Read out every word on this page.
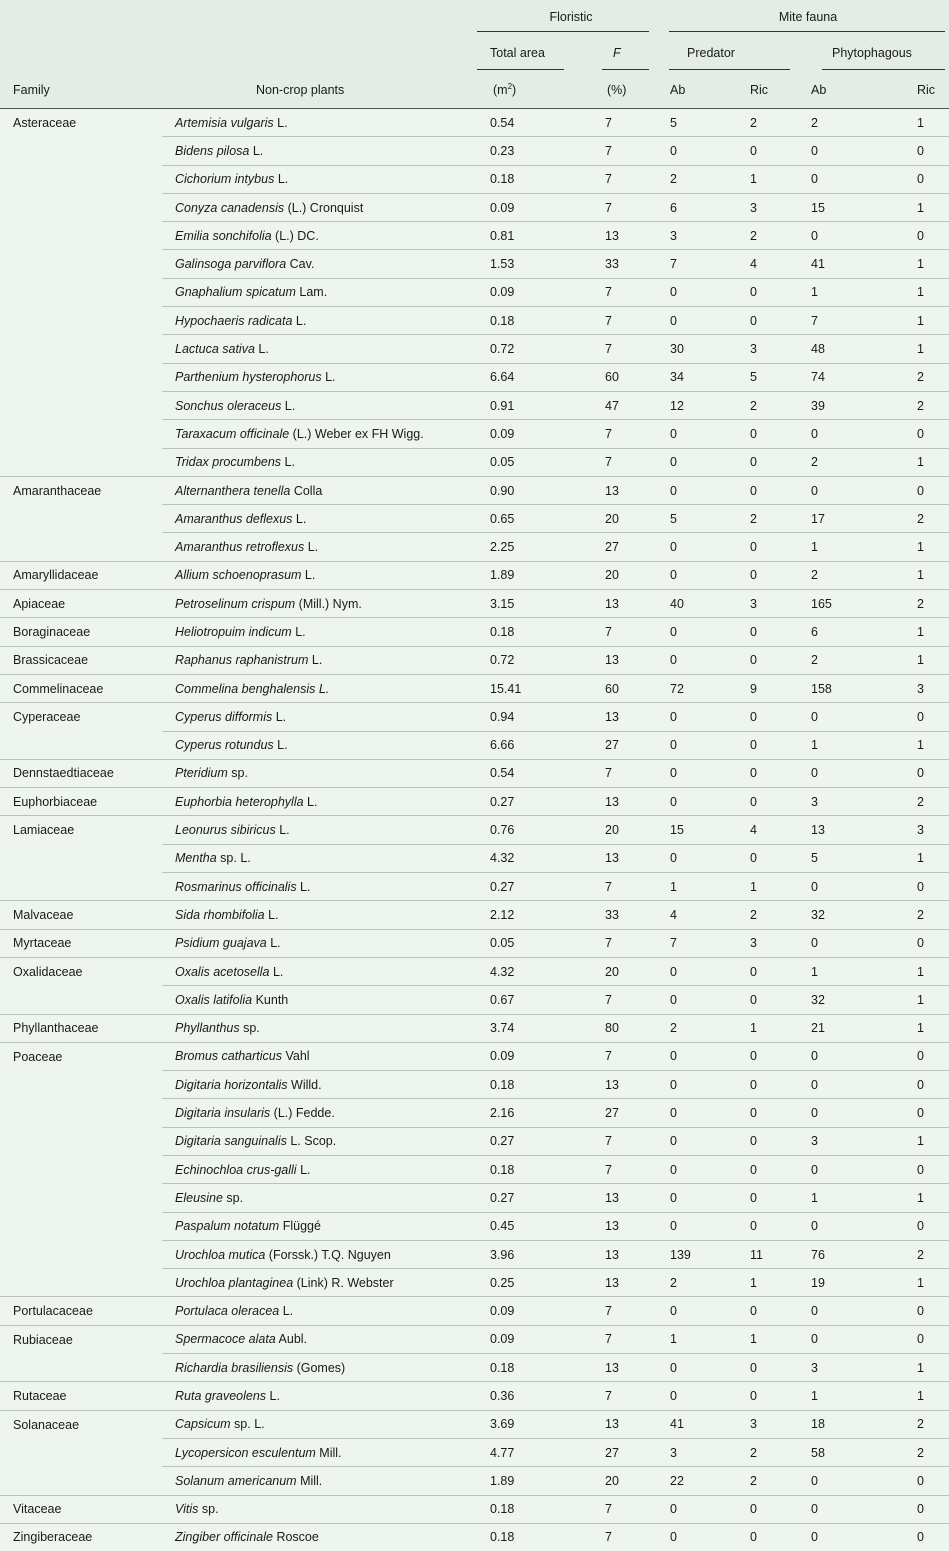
		Floristic		Mite fauna			
		Total area	F	Predator		Phytophagous	
Family	Non-crop plants	$(m^2)$	(%)	Ab	Ric	Ab	Ric
Asteraceae	Artemisia vulgaris L.	0.54	7	5	2	2	1
	Bidens pilosa L.	0.23	7	0	0	0	0
	Cichorium intybus L.	0.18	7	2	1	0	0
	Conyza canadensis (L.) Cronquist	0.09	7	6	3	15	1
	Emilia sonchifolia (L.) DC.	0.81	13	3	2	0	0
	Galinsoga parviflora Cav.	1.53	33	7	4	41	1
	Gnaphalium spicatum Lam.	0.09	7	0	0	1	1
	Hypochaeris radicata L.	0.18	7	0	0	7	1
	Lactuca sativa L.	0.72	7	30	3	48	1
	Parthenium hysterophorus L.	6.64	60	34	5	74	2
	Sonchus oleraceus L.	0.91	47	12	2	39	2
	Taraxacum officinale (L.) Weber ex FH Wigg.	0.09	7	0	0	0	0
	Tridax procumbens L.	0.05	7	0	0	2	1
Amaranthaceae	Alternanthera tenella Colla	0.90	13	0	0	0	0
	Amaranthus deflexus L.	0.65	20	5	2	17	2
	Amaranthus retroflexus L.	2.25	27	0	0	1	1
Amaryllidaceae	Allium schoenoprasum L.	1.89	20	0	0	2	1
Apiaceae	Petroselinum crispum (Mill.) Nym.	3.15	13	40	3	165	2
Boraginaceae	Heliotropuim indicum L.	0.18	7	0	0	6	1
Brassicaceae	Raphanus raphanistrum L.	0.72	13	0	0	2	1
Commelinaceae	Commelina benghalensis L.	15.41	60	72	9	158	3
Cyperaceae	Cyperus difformis L.	0.94	13	0	0	0	0
	Cyperus rotundus L.	6.66	27	0	0	1	1
Dennstaedtiaceae	Pteridium sp.	0.54	7	0	0	0	0
Euphorbiaceae	Euphorbia heterophylla L.	0.27	13	0	0	3	2
Lamiaceae	Leonurus sibiricus L.	0.76	20	15	4	13	3
	Mentha sp. L.	4.32	13	0	0	5	1
	Rosmarinus officinalis L.	0.27	7	1	1	0	0
Malvaceae	Sida rhombifolia L.	2.12	33	4	2	32	2
Myrtaceae	Psidium guajava L.	0.05	7	7	3	0	0
Oxalidaceae	Oxalis acetosella L.	4.32	20	0	0	1	1
	Oxalis latifolia Kunth	0.67	7	0	0	32	1
Phyllanthaceae	Phyllanthus sp.	3.74	80	2	1	21	1
Poaceae	Bromus catharticus Vahl	0.09	7	0	0	0	0
	Digitaria horizontalis Willd.	0.18	13	0	0	0	0
	Digitaria insularis (L.) Fedde.	2.16	27	0	0	0	0
	Digitaria sanguinalis L. Scop.	0.27	7	0	0	3	1
	Echinochloa crus-galli L.	0.18	7	0	0	0	0
	Eleusine sp.	0.27	13	0	0	1	1
	Paspalum notatum Flüggé	0.45	13	0	0	0	0
	Urochloa mutica (Forssk.) T.Q. Nguyen	3.96	13	139	11	76	2
	Urochloa plantaginea (Link) R. Webster	0.25	13	2	1	19	1
Portulacaceae	Portulaca oleracea L.	0.09	7	0	0	0	0
Rubiaceae	Spermacoce alata Aubl.	0.09	7	1	1	0	0
	Richardia brasiliensis (Gomes)	0.18	13	0	0	3	1
Rutaceae	Ruta graveolens L.	0.36	7	0	0	1	1
Solanaceae	Capsicum sp. L.	3.69	13	41	3	18	2
	Lycopersicon esculentum Mill.	4.77	27	3	2	58	2
	Solanum americanum Mill.	1.89	20	22	2	0	0
Vitaceae	Vitis sp.	0.18	7	0	0	0	0
Zingiberaceae	Zingiber officinale Roscoe	0.18	7	0	0	0	0
